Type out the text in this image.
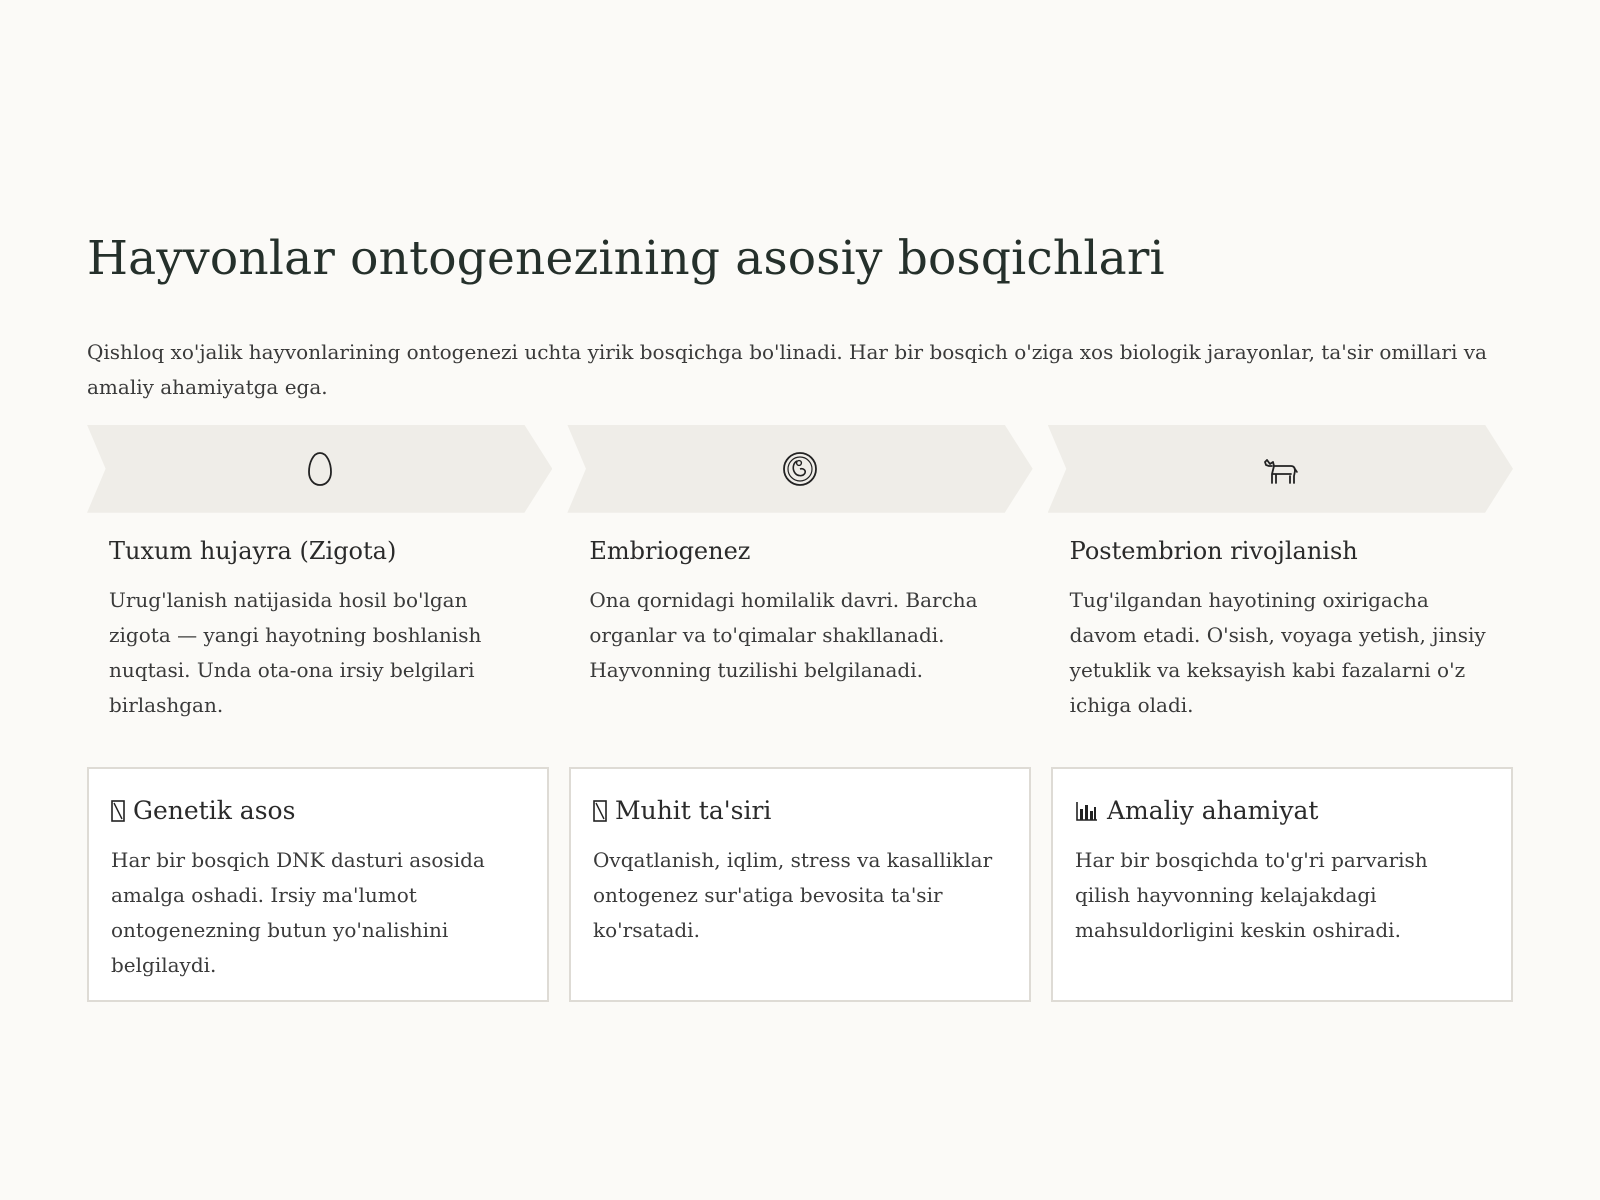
Hayvonlar ontogenezining asosiy bosqichlari

Qishloq xo'jalik hayvonlarining ontogenezi uchta yirik bosqichga bo'linadi. Har bir bosqich o'ziga xos biologik jarayonlar, ta'sir omillari va amaliy ahamiyatga ega.

Tuxum hujayra (Zigota)

Urug'lanish natijasida hosil bo'lgan zigota — yangi hayotning boshlanish nuqtasi. Unda ota-ona irsiy belgilari birlashgan.

Embriogenez

Ona qornidagi homilalik davri. Barcha organlar va to'qimalar shakllanadi. Hayvonning tuzilishi belgilanadi.

Postembrion rivojlanish

Tug'ilgandan hayotining oxirigacha davom etadi. O'sish, voyaga yetish, jinsiy yetuklik va keksayish kabi fazalarni o'z ichiga oladi.

Genetik asos

Har bir bosqich DNK dasturi asosida amalga oshadi. Irsiy ma'lumot ontogenezning butun yo'nalishini belgilaydi.

Muhit ta'siri

Ovqatlanish, iqlim, stress va kasalliklar ontogenez sur'atiga bevosita ta'sir ko'rsatadi.

Amaliy ahamiyat

Har bir bosqichda to'g'ri parvarish qilish hayvonning kelajakdagi mahsuldorligini keskin oshiradi.
